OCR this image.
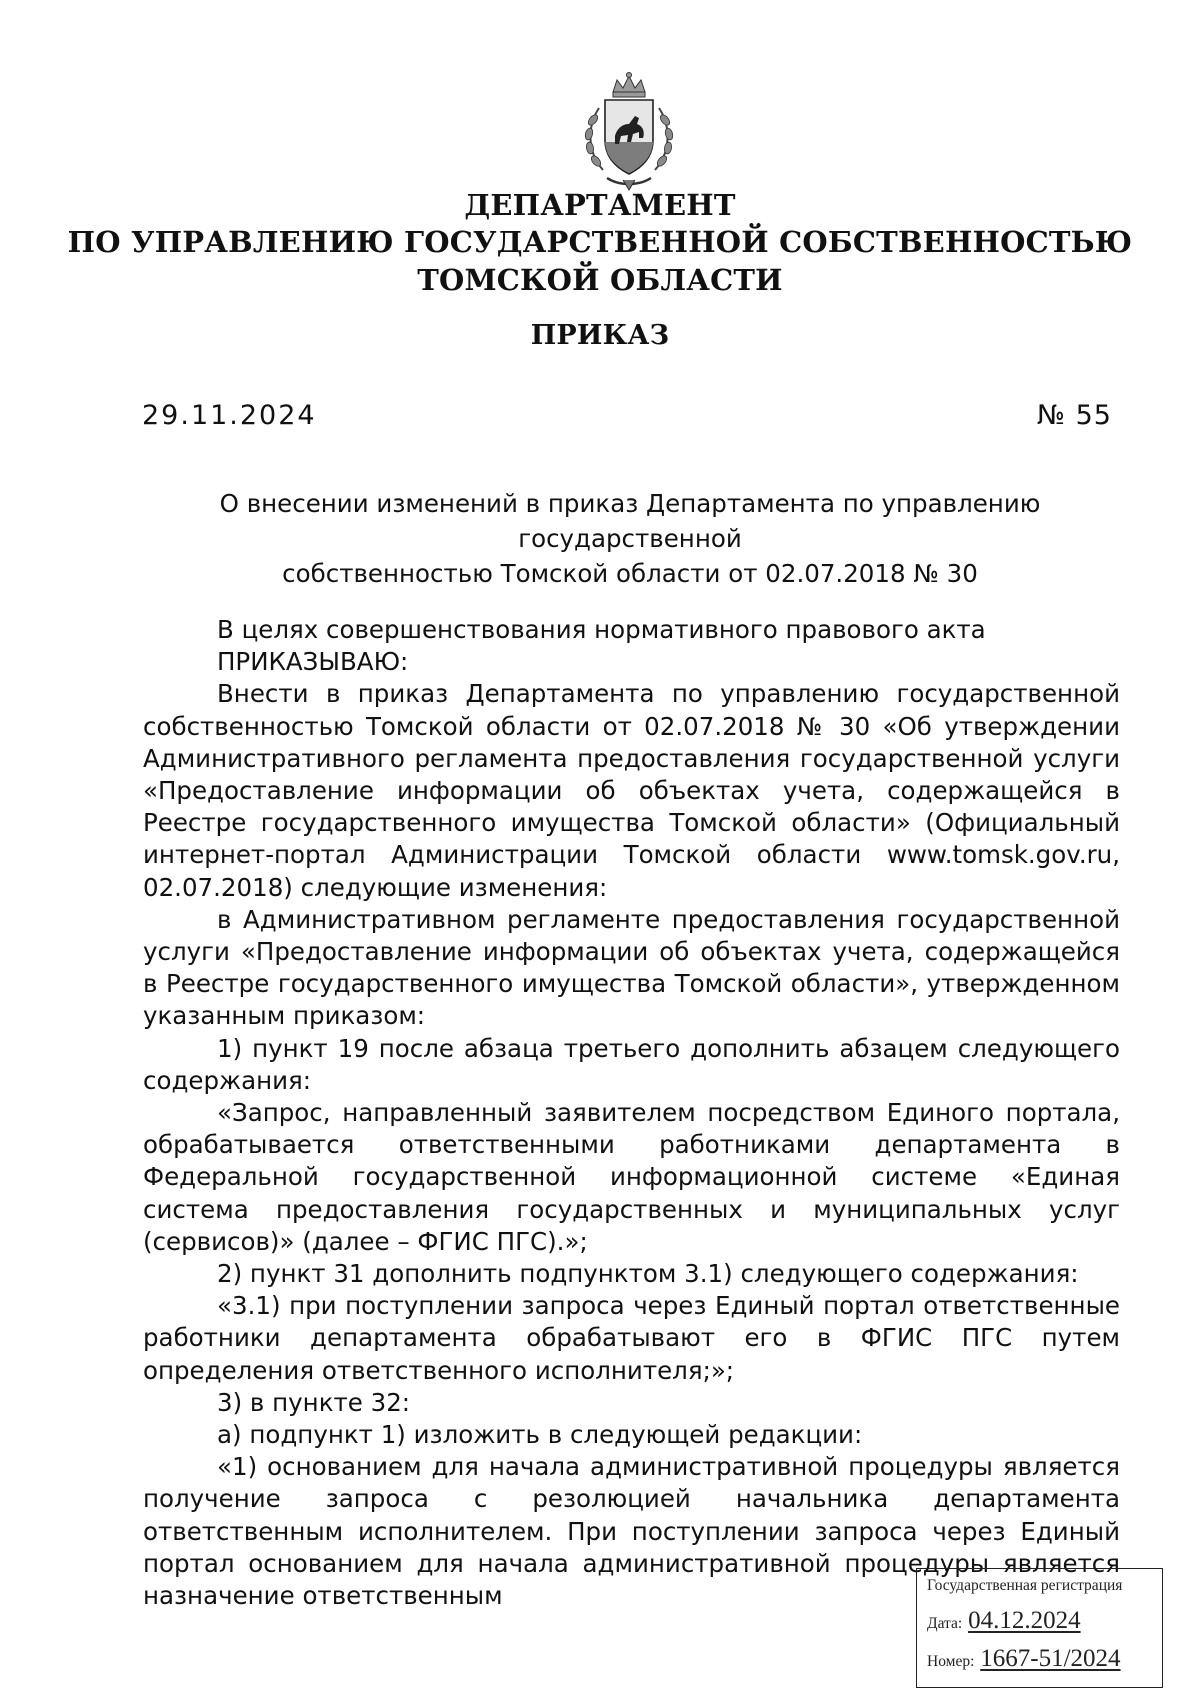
ДЕПАРТАМЕНТ
ПО УПРАВЛЕНИЮ ГОСУДАРСТВЕННОЙ СОБСТВЕННОСТЬЮ
ТОМСКОЙ ОБЛАСТИ
ПРИКАЗ
29.11.2024	№ 55
О внесении изменений в приказ Департамента по управлению государственной
собственностью Томской области от 02.07.2018 № 30

В целях совершенствования нормативного правового акта

ПРИКАЗЫВАЮ:

Внести в приказ Департамента по управлению государственной собственностью Томской области от 02.07.2018 № 30 «Об утверждении Административного регламента предоставления государственной услуги «Предоставление информации об объектах учета, содержащейся в Реестре государственного имущества Томской области» (Официальный интернет-портал Администрации Томской области www.tomsk.gov.ru, 02.07.2018) следующие изменения:

в Административном регламенте предоставления государственной услуги «Предоставление информации об объектах учета, содержащейся в Реестре государственного имущества Томской области», утвержденном указанным приказом:

1) пункт 19 после абзаца третьего дополнить абзацем следующего содержания:

«Запрос, направленный заявителем посредством Единого портала, обрабатывается ответственными работниками департамента в Федеральной государственной информационной системе «Единая система предоставления государственных и муниципальных услуг (сервисов)» (далее – ФГИС ПГС).»;

2) пункт 31 дополнить подпунктом 3.1) следующего содержания:

«3.1) при поступлении запроса через Единый портал ответственные работники департамента обрабатывают его в ФГИС ПГС путем определения ответственного исполнителя;»;

3) в пункте 32:

а) подпункт 1) изложить в следующей редакции:

«1) основанием для начала административной процедуры является получение запроса с резолюцией начальника департамента ответственным исполнителем. При поступлении запроса через Единый портал основанием для начала административной процедуры является назначение ответственным	Государственная регистрация
Дата: 04.12.2024
Номер: 1667-51/2024
